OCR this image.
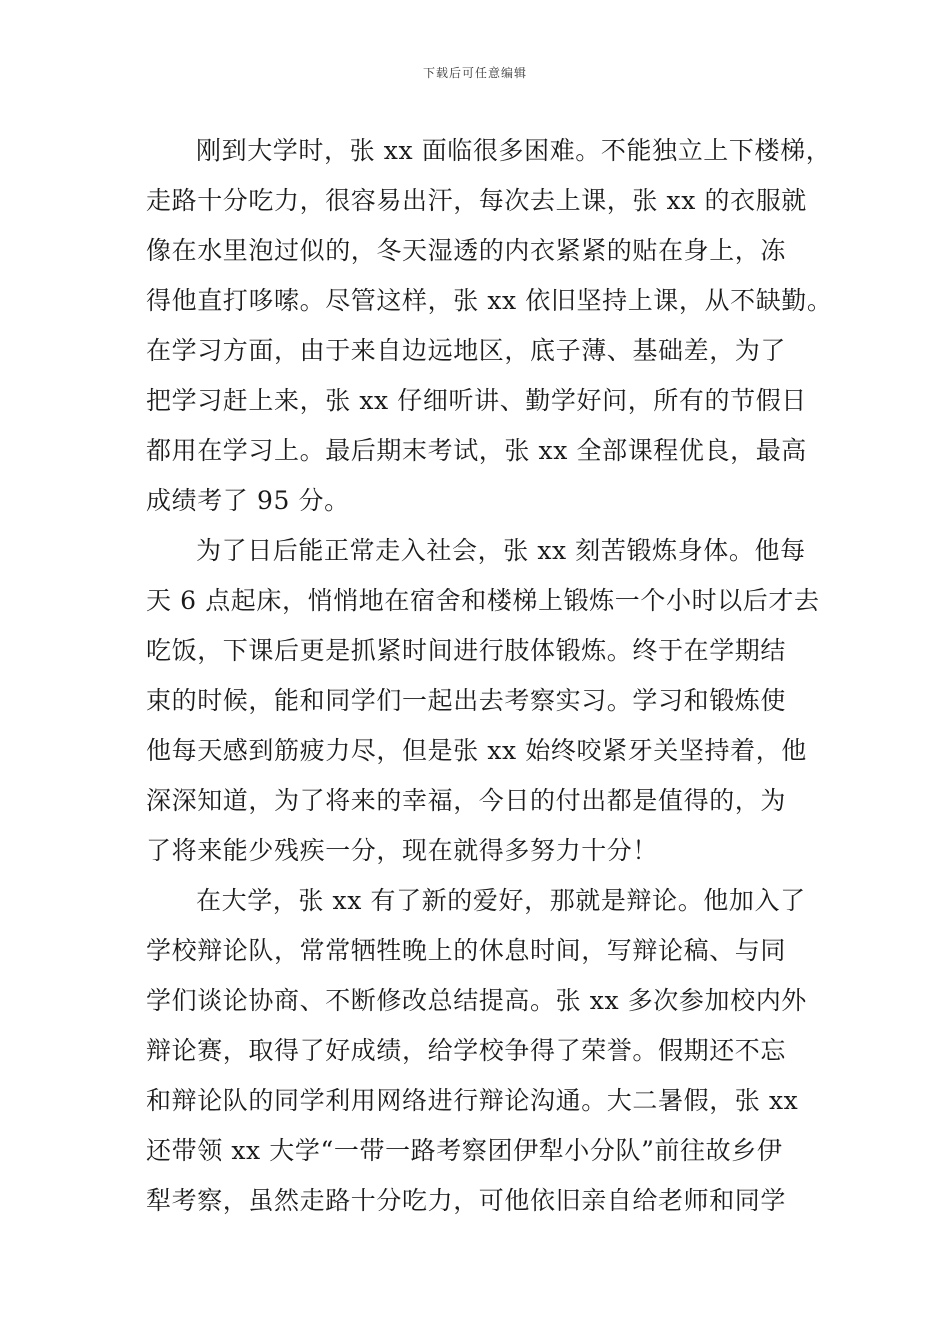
下载后可任意编辑
刚到大学时，张 xx 面临很多困难。不能独立上下楼梯，
走路十分吃力，很容易出汗，每次去上课，张 xx 的衣服就
像在水里泡过似的，冬天湿透的内衣紧紧的贴在身上，冻
得他直打哆嗦。尽管这样，张 xx 依旧坚持上课，从不缺勤。
在学习方面，由于来自边远地区，底子薄、基础差，为了
把学习赶上来，张 xx 仔细听讲、勤学好问，所有的节假日
都用在学习上。最后期末考试，张 xx 全部课程优良，最高
成绩考了 95 分。
为了日后能正常走入社会，张 xx 刻苦锻炼身体。他每
天 6 点起床，悄悄地在宿舍和楼梯上锻炼一个小时以后才去
吃饭，下课后更是抓紧时间进行肢体锻炼。终于在学期结
束的时候，能和同学们一起出去考察实习。学习和锻炼使
他每天感到筋疲力尽，但是张 xx 始终咬紧牙关坚持着，他
深深知道，为了将来的幸福，今日的付出都是值得的，为
了将来能少残疾一分，现在就得多努力十分！
在大学，张 xx 有了新的爱好，那就是辩论。他加入了
学校辩论队，常常牺牲晚上的休息时间，写辩论稿、与同
学们谈论协商、不断修改总结提高。张 xx 多次参加校内外
辩论赛，取得了好成绩，给学校争得了荣誉。假期还不忘
和辩论队的同学利用网络进行辩论沟通。大二暑假，张 xx
还带领 xx 大学“一带一路考察团伊犁小分队”前往故乡伊
犁考察，虽然走路十分吃力，可他依旧亲自给老师和同学
